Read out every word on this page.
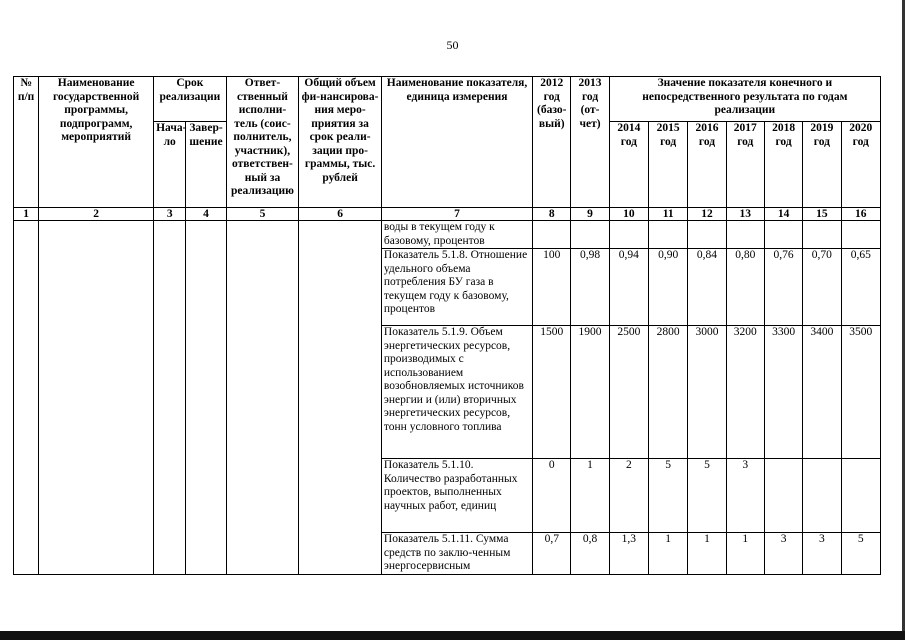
50
№ п/п	Наименование государственной программы, подпрограмм, мероприятий	Срок реализации		Ответ-ственный исполни-тель (соис-полнитель, участник), ответствен-ный за реализацию	Общий объем фи-нансирова-ния меро-приятия за срок реали-зации про-граммы, тыс. рублей	Наименование показателя, единица измерения	2012 год (базо-вый)	2013 год (от-чет)	Значение показателя конечного и непосредственного результата по годам реализации						
		Нача-ло	Завер-шение						2014 год	2015 год	2016 год	2017 год	2018 год	2019 год	2020 год
1	2	3	4	5	6	7	8	9	10	11	12	13	14	15	16
						воды в текущем году к базовому, процентов									
						Показатель 5.1.8. Отношение удельного объема потребления БУ газа в текущем году к базовому, процентов	100	0,98	0,94	0,90	0,84	0,80	0,76	0,70	0,65
						Показатель 5.1.9. Объем энергетических ресурсов, производимых с использованием возобновляемых источников энергии и (или) вторичных энергетических ресурсов, тонн условного топлива	1500	1900	2500	2800	3000	3200	3300	3400	3500
						Показатель 5.1.10. Количество разработанных проектов, выполненных научных работ, единиц	0	1	2	5	5	3			
						Показатель 5.1.11. Сумма средств по заклю-ченным энергосервисным	0,7	0,8	1,3	1	1	1	3	3	5
